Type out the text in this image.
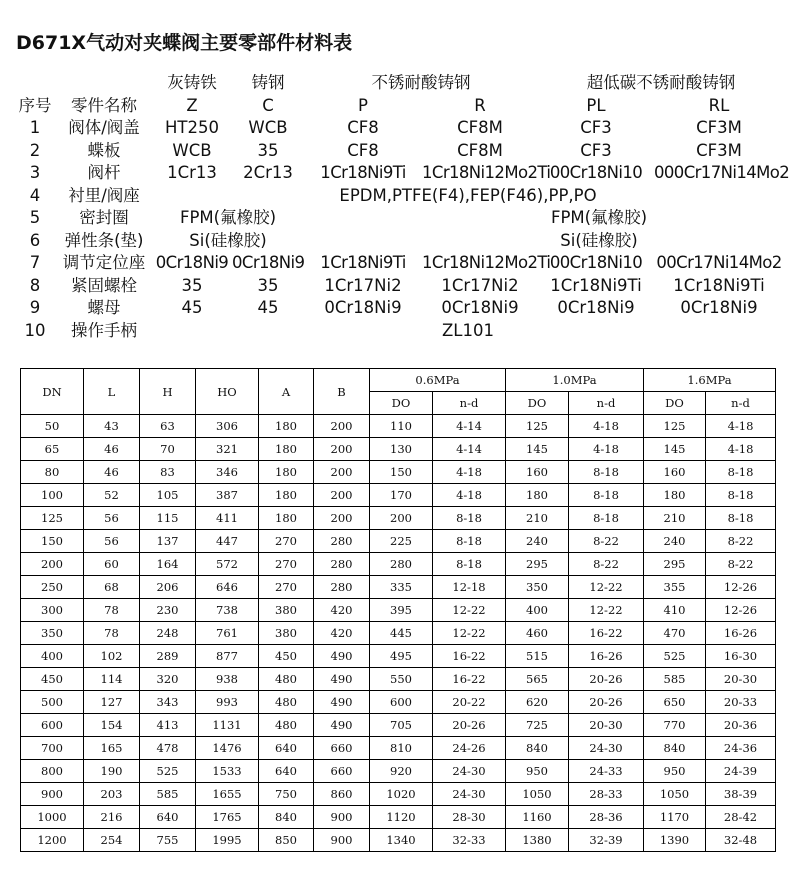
D671X气动对夹蝶阀主要零部件材料表
		灰铸铁	铸钢	不锈耐酸铸钢		超低碳不锈耐酸铸钢	
序号	零件名称	Z	C	P	R	PL	RL
1	阀体/阀盖	HT250	WCB	CF8	CF8M	CF3	CF3M
2	蝶板	WCB	35	CF8	CF8M	CF3	CF3M
3	阀杆	1Cr13	2Cr13	1Cr18Ni9Ti	1Cr18Ni12Mo2Ti	00Cr18Ni10	000Cr17Ni14Mo2
4	衬里/阀座	EPDM,PTFE(F4),FEP(F46),PP,PO					
5	密封圈	FPM(氟橡胶)		FPM(氟橡胶)			
6	弹性条(垫)	Si(硅橡胶)		Si(硅橡胶)			
7	调节定位座	0Cr18Ni9	0Cr18Ni9	1Cr18Ni9Ti	1Cr18Ni12Mo2Ti	00Cr18Ni10	00Cr17Ni14Mo2
8	紧固螺栓	35	35	1Cr17Ni2	1Cr17Ni2	1Cr18Ni9Ti	1Cr18Ni9Ti
9	螺母	45	45	0Cr18Ni9	0Cr18Ni9	0Cr18Ni9	0Cr18Ni9
10	操作手柄	ZL101					
DN	L	H	HO	A	B	0.6MPa		1.0MPa		1.6MPa	
						DO	n-d	DO	n-d	DO	n-d
50	43	63	306	180	200	110	4-14	125	4-18	125	4-18
65	46	70	321	180	200	130	4-14	145	4-18	145	4-18
80	46	83	346	180	200	150	4-18	160	8-18	160	8-18
100	52	105	387	180	200	170	4-18	180	8-18	180	8-18
125	56	115	411	180	200	200	8-18	210	8-18	210	8-18
150	56	137	447	270	280	225	8-18	240	8-22	240	8-22
200	60	164	572	270	280	280	8-18	295	8-22	295	8-22
250	68	206	646	270	280	335	12-18	350	12-22	355	12-26
300	78	230	738	380	420	395	12-22	400	12-22	410	12-26
350	78	248	761	380	420	445	12-22	460	16-22	470	16-26
400	102	289	877	450	490	495	16-22	515	16-26	525	16-30
450	114	320	938	480	490	550	16-22	565	20-26	585	20-30
500	127	343	993	480	490	600	20-22	620	20-26	650	20-33
600	154	413	1131	480	490	705	20-26	725	20-30	770	20-36
700	165	478	1476	640	660	810	24-26	840	24-30	840	24-36
800	190	525	1533	640	660	920	24-30	950	24-33	950	24-39
900	203	585	1655	750	860	1020	24-30	1050	28-33	1050	38-39
1000	216	640	1765	840	900	1120	28-30	1160	28-36	1170	28-42
1200	254	755	1995	850	900	1340	32-33	1380	32-39	1390	32-48
